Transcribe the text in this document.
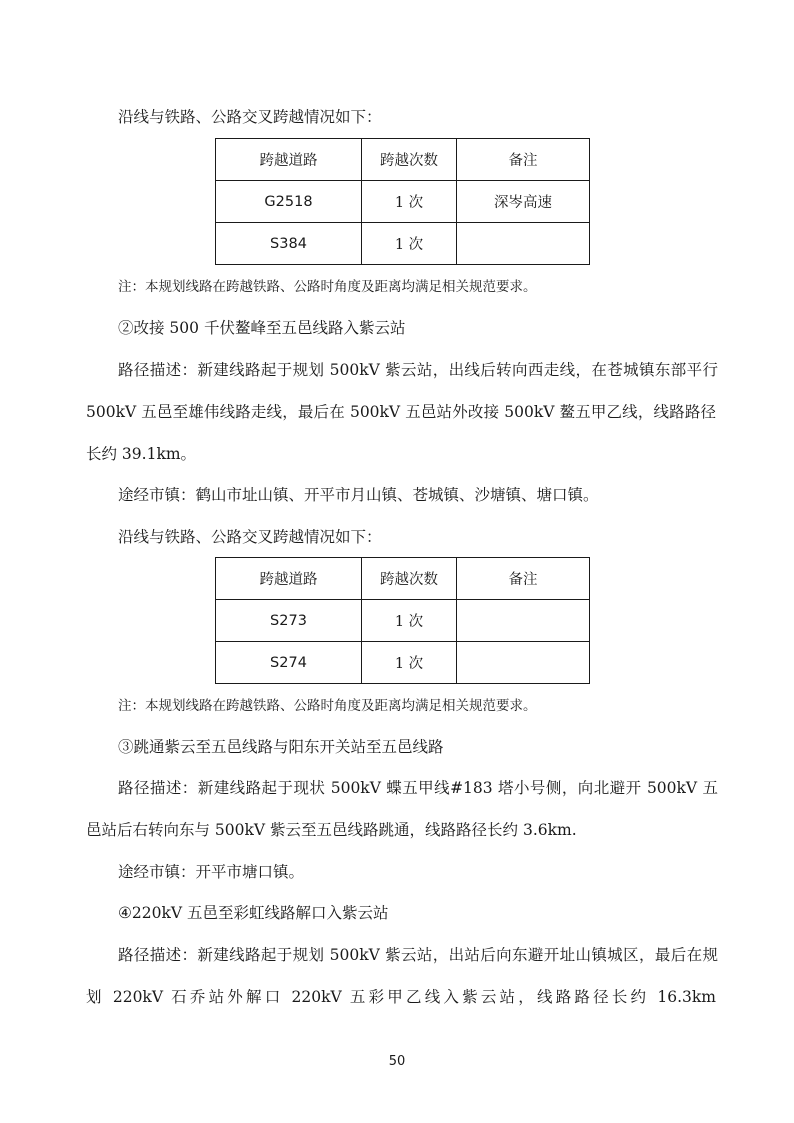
沿线与铁路、公路交叉跨越情况如下：
跨越道路	跨越次数	备注
G2518	1 次	深岑高速
S384	1 次	
注：本规划线路在跨越铁路、公路时角度及距离均满足相关规范要求。
②改接 500 千伏鳌峰至五邑线路入紫云站
路径描述：新建线路起于规划 500kV 紫云站，出线后转向西走线，在苍城镇东部平行
500kV 五邑至雄伟线路走线，最后在 500kV 五邑站外改接 500kV 鳌五甲乙线，线路路径
长约 39.1km。
途经市镇：鹤山市址山镇、开平市月山镇、苍城镇、沙塘镇、塘口镇。
沿线与铁路、公路交叉跨越情况如下：
跨越道路	跨越次数	备注
S273	1 次	
S274	1 次	
注：本规划线路在跨越铁路、公路时角度及距离均满足相关规范要求。
③跳通紫云至五邑线路与阳东开关站至五邑线路
路径描述：新建线路起于现状 500kV 蝶五甲线#183 塔小号侧，向北避开 500kV 五
邑站后右转向东与 500kV 紫云至五邑线路跳通，线路路径长约 3.6km.
途经市镇：开平市塘口镇。
④220kV 五邑至彩虹线路解口入紫云站
路径描述：新建线路起于规划 500kV 紫云站，出站后向东避开址山镇城区，最后在规
划 220kV 石乔站外解口 220kV 五彩甲乙线入紫云站，线路路径长约 16.3km
50
